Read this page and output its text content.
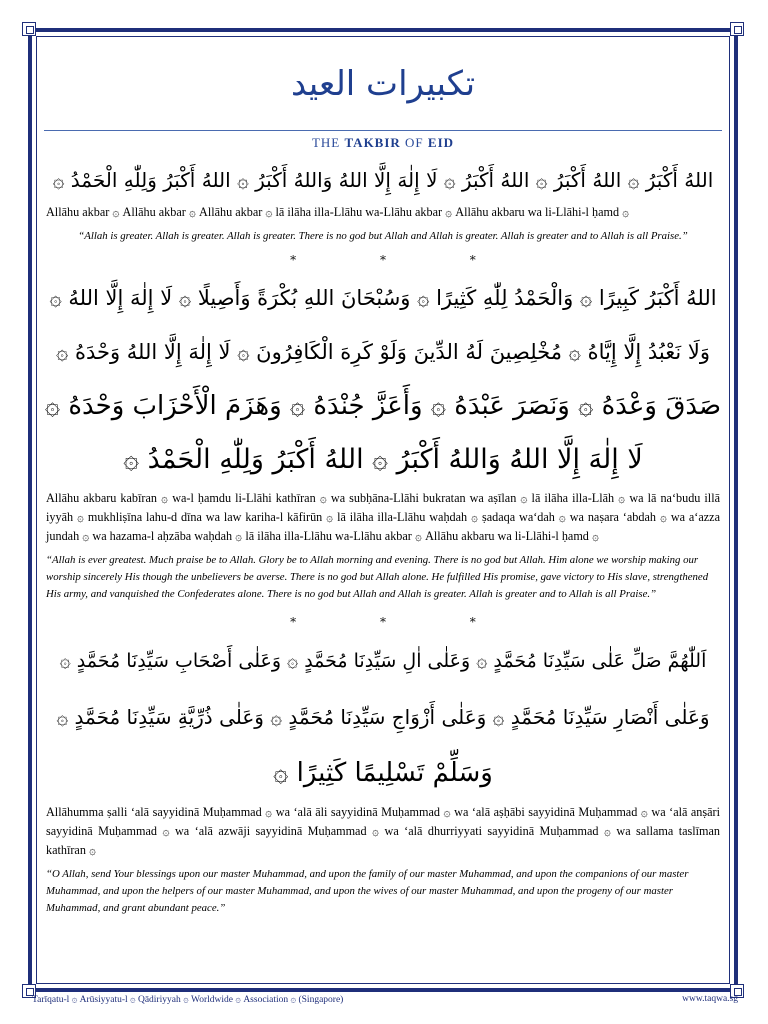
تكبيرات العيد
THE TAKBIR OF EID
اللهُ أَكْبَرُ ۞ اللهُ أَكْبَرُ ۞ اللهُ أَكْبَرُ ۞ لَا إِلٰهَ إِلَّا اللهُ وَاللهُ أَكْبَرُ ۞ اللهُ أَكْبَرُ وَلِلّٰهِ الْحَمْدُ ۞
Allāhu akbar ۞ Allāhu akbar ۞ Allāhu akbar ۞ lā ilāha illa-Llāhu wa-Llāhu akbar ۞ Allāhu akbaru wa li-Llāhi-l ḥamd ۞
“Allah is greater. Allah is greater. Allah is greater. There is no god but Allah and Allah is greater. Allah is greater and to Allah is all Praise.”
* * *
اللهُ أَكْبَرُ كَبِيرًا ۞ وَالْحَمْدُ لِلّٰهِ كَثِيرًا ۞ وَسُبْحَانَ اللهِ بُكْرَةً وَأَصِيلًا ۞ لَا إِلٰهَ إِلَّا اللهُ ۞
وَلَا نَعْبُدُ إِلَّا إِيَّاهُ ۞ مُخْلِصِينَ لَهُ الدِّينَ وَلَوْ كَرِهَ الْكَافِرُونَ ۞ لَا إِلٰهَ إِلَّا اللهُ وَحْدَهُ ۞
صَدَقَ وَعْدَهُ ۞ وَنَصَرَ عَبْدَهُ ۞ وَأَعَزَّ جُنْدَهُ ۞ وَهَزَمَ الْأَحْزَابَ وَحْدَهُ ۞
لَا إِلٰهَ إِلَّا اللهُ وَاللهُ أَكْبَرُ ۞ اللهُ أَكْبَرُ وَلِلّٰهِ الْحَمْدُ ۞
Allāhu akbaru kabīran ۞ wa-l ḥamdu li-Llāhi kathīran ۞ wa subḥāna-Llāhi bukratan wa aṣīlan ۞ lā ilāha illa-Llāh ۞ wa lā na‘budu illā iyyāh ۞ mukhliṣīna lahu-d dīna wa law kariha-l kāfirūn ۞ lā ilāha illa-Llāhu waḥdah ۞ ṣadaqa wa‘dah ۞ wa naṣara ‘abdah ۞ wa a‘azza jundah ۞ wa hazama-l aḥzāba waḥdah ۞ lā ilāha illa-Llāhu wa-Llāhu akbar ۞ Allāhu akbaru wa li-Llāhi-l ḥamd ۞
“Allah is ever greatest. Much praise be to Allah. Glory be to Allah morning and evening. There is no god but Allah. Him alone we worship making our worship sincerely His though the unbelievers be averse. There is no god but Allah alone. He fulfilled His promise, gave victory to His slave, strengthened His army, and vanquished the Confederates alone. There is no god but Allah and Allah is greater. Allah is greater and to Allah is all Praise.”
* * *
اَللّٰهُمَّ صَلِّ عَلٰى سَيِّدِنَا مُحَمَّدٍ ۞ وَعَلٰى اٰلِ سَيِّدِنَا مُحَمَّدٍ ۞ وَعَلٰى أَصْحَابِ سَيِّدِنَا مُحَمَّدٍ ۞
وَعَلٰى أَنْصَارِ سَيِّدِنَا مُحَمَّدٍ ۞ وَعَلٰى أَزْوَاجِ سَيِّدِنَا مُحَمَّدٍ ۞ وَعَلٰى ذُرِّيَّةِ سَيِّدِنَا مُحَمَّدٍ ۞
وَسَلِّمْ تَسْلِيمًا كَثِيرًا ۞
Allāhumma ṣalli ‘alā sayyidinā Muḥammad ۞ wa ‘alā āli sayyidinā Muḥammad ۞ wa ‘alā aṣḥābi sayyidinā Muḥammad ۞ wa ‘alā anṣāri sayyidinā Muḥammad ۞ wa ‘alā azwāji sayyidinā Muḥammad ۞ wa ‘alā dhurriyyati sayyidinā Muḥammad ۞ wa sallama taslīman kathīran ۞
“O Allah, send Your blessings upon our master Muhammad, and upon the family of our master Muhammad, and upon the companions of our master Muhammad, and upon the helpers of our master Muhammad, and upon the wives of our master Muhammad, and upon the progeny of our master Muhammad, and grant abundant peace.”
Tarīqatu-l ۞ Arūsiyyatu-l ۞ Qādiriyyah ۞ Worldwide ۞ Association ۞ (Singapore)	www.taqwa.sg
